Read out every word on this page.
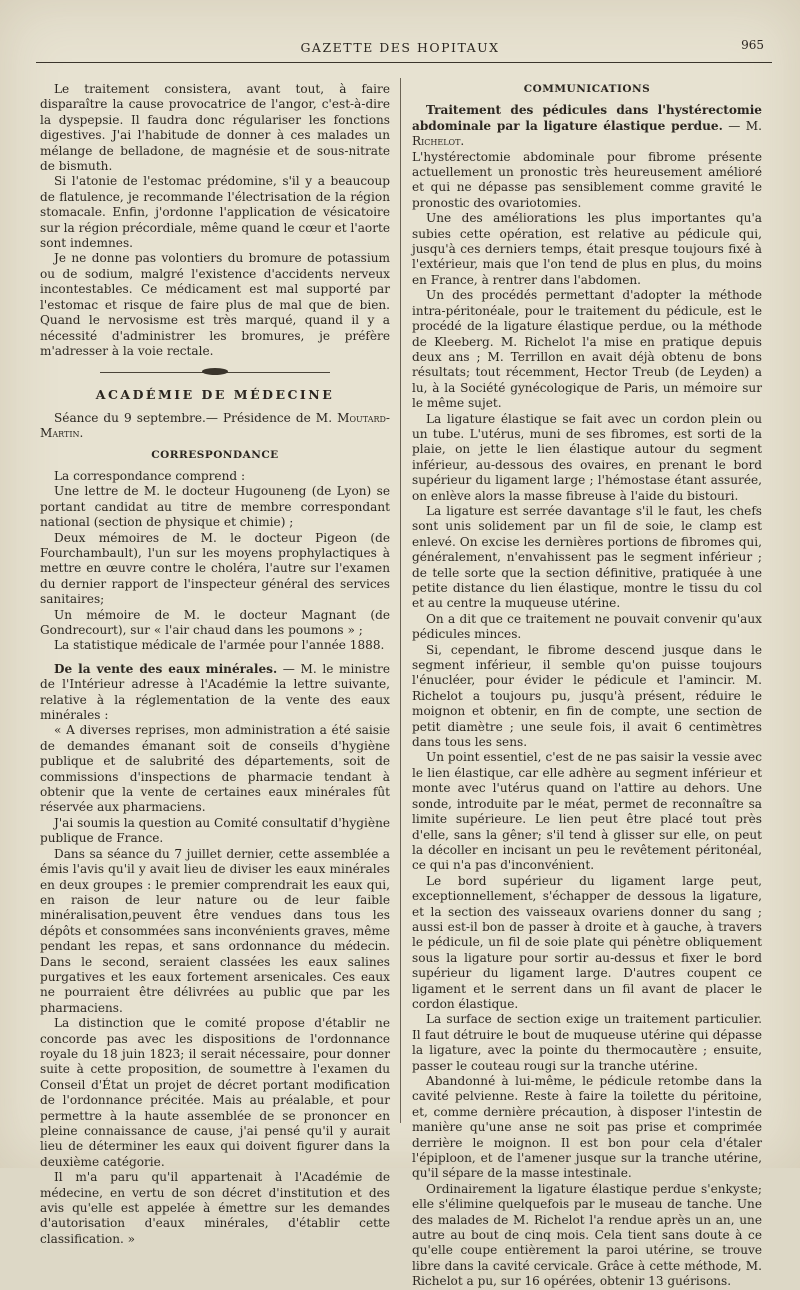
GAZETTE DES HOPITAUX	965

Le traitement consistera, avant tout, à faire disparaître la cause provocatrice de l'angor, c'est-à-dire la dyspepsie. Il faudra donc régulariser les fonctions digestives. J'ai l'habitude de donner à ces malades un mélange de belladone, de magnésie et de sous-nitrate de bismuth.

Si l'atonie de l'estomac prédomine, s'il y a beaucoup de flatulence, je recommande l'électrisation de la région stomacale. Enfin, j'ordonne l'application de vésicatoire sur la région précordiale, même quand le cœur et l'aorte sont indemnes.

Je ne donne pas volontiers du bromure de potassium ou de sodium, malgré l'existence d'accidents nerveux incontestables. Ce médicament est mal supporté par l'estomac et risque de faire plus de mal que de bien. Quand le nervosisme est très marqué, quand il y a nécessité d'administrer les bromures, je préfère m'adresser à la voie rectale.

ACADÉMIE DE MÉDECINE

Séance du 9 septembre.— Présidence de M. Moutard-Martin.

CORRESPONDANCE

La correspondance comprend :

Une lettre de M. le docteur Hugouneng (de Lyon) se portant candidat au titre de membre correspondant national (section de physique et chimie) ;

Deux mémoires de M. le docteur Pigeon (de Fourchambault), l'un sur les moyens prophylactiques à mettre en œuvre contre le choléra, l'autre sur l'examen du dernier rapport de l'inspecteur général des services sanitaires;

Un mémoire de M. le docteur Magnant (de Gondrecourt), sur « l'air chaud dans les poumons » ;

La statistique médicale de l'armée pour l'année 1888.

De la vente des eaux minérales. — M. le ministre de l'Intérieur adresse à l'Académie la lettre suivante, relative à la réglementation de la vente des eaux minérales :

« A diverses reprises, mon administration a été saisie de demandes émanant soit de conseils d'hygiène publique et de salubrité des départements, soit de commissions d'inspections de pharmacie tendant à obtenir que la vente de certaines eaux minérales fût réservée aux pharmaciens.

J'ai soumis la question au Comité consultatif d'hygiène publique de France.

Dans sa séance du 7 juillet dernier, cette assemblée a émis l'avis qu'il y avait lieu de diviser les eaux minérales en deux groupes : le premier comprendrait les eaux qui, en raison de leur nature ou de leur faible minéralisation,peuvent être vendues dans tous les dépôts et consommées sans inconvénients graves, même pendant les repas, et sans ordonnance du médecin. Dans le second, seraient classées les eaux salines purgatives et les eaux fortement arsenicales. Ces eaux ne pourraient être délivrées au public que par les pharmaciens.

La distinction que le comité propose d'établir ne concorde pas avec les dispositions de l'ordonnance royale du 18 juin 1823; il serait nécessaire, pour donner suite à cette proposition, de soumettre à l'examen du Conseil d'État un projet de décret portant modification de l'ordonnance précitée. Mais au préalable, et pour permettre à la haute assemblée de se prononcer en pleine connaissance de cause, j'ai pensé qu'il y aurait lieu de déterminer les eaux qui doivent figurer dans la deuxième catégorie.

Il m'a paru qu'il appartenait à l'Académie de médecine, en vertu de son décret d'institution et des avis qu'elle est appelée à émettre sur les demandes d'autorisation d'eaux minérales, d'établir cette classification. »

COMMUNICATIONS

Traitement des pédicules dans l'hystérectomie abdominale par la ligature élastique perdue. — M. Richelot.

L'hystérectomie abdominale pour fibrome présente actuellement un pronostic très heureusement amélioré et qui ne dépasse pas sensiblement comme gravité le pronostic des ovariotomies.

Une des améliorations les plus importantes qu'a subies cette opération, est relative au pédicule qui, jusqu'à ces derniers temps, était presque toujours fixé à l'extérieur, mais que l'on tend de plus en plus, du moins en France, à rentrer dans l'abdomen.

Un des procédés permettant d'adopter la méthode intra-péritonéale, pour le traitement du pédicule, est le procédé de la ligature élastique perdue, ou la méthode de Kleeberg. M. Richelot l'a mise en pratique depuis deux ans ; M. Terrillon en avait déjà obtenu de bons résultats; tout récemment, Hector Treub (de Leyden) a lu, à la Société gynécologique de Paris, un mémoire sur le même sujet.

La ligature élastique se fait avec un cordon plein ou un tube. L'utérus, muni de ses fibromes, est sorti de la plaie, on jette le lien élastique autour du segment inférieur, au-dessous des ovaires, en prenant le bord supérieur du ligament large ; l'hémostase étant assurée, on enlève alors la masse fibreuse à l'aide du bistouri.

La ligature est serrée davantage s'il le faut, les chefs sont unis solidement par un fil de soie, le clamp est enlevé. On excise les dernières portions de fibromes qui, généralement, n'envahissent pas le segment inférieur ; de telle sorte que la section définitive, pratiquée à une petite distance du lien élastique, montre le tissu du col et au centre la muqueuse utérine.

On a dit que ce traitement ne pouvait convenir qu'aux pédicules minces.

Si, cependant, le fibrome descend jusque dans le segment inférieur, il semble qu'on puisse toujours l'énucléer, pour évider le pédicule et l'amincir. M. Richelot a toujours pu, jusqu'à présent, réduire le moignon et obtenir, en fin de compte, une section de petit diamètre ; une seule fois, il avait 6 centimètres dans tous les sens.

Un point essentiel, c'est de ne pas saisir la vessie avec le lien élastique, car elle adhère au segment inférieur et monte avec l'utérus quand on l'attire au dehors. Une sonde, introduite par le méat, permet de reconnaître sa limite supérieure. Le lien peut être placé tout près d'elle, sans la gêner; s'il tend à glisser sur elle, on peut la décoller en incisant un peu le revêtement péritonéal, ce qui n'a pas d'inconvénient.

Le bord supérieur du ligament large peut, exceptionnellement, s'échapper de dessous la ligature, et la section des vaisseaux ovariens donner du sang ; aussi est-il bon de passer à droite et à gauche, à travers le pédicule, un fil de soie plate qui pénètre obliquement sous la ligature pour sortir au-dessus et fixer le bord supérieur du ligament large. D'autres coupent ce ligament et le serrent dans un fil avant de placer le cordon élastique.

La surface de section exige un traitement particulier. Il faut détruire le bout de muqueuse utérine qui dépasse la ligature, avec la pointe du thermocautère ; ensuite, passer le couteau rougi sur la tranche utérine.

Abandonné à lui-même, le pédicule retombe dans la cavité pelvienne. Reste à faire la toilette du péritoine, et, comme dernière précaution, à disposer l'intestin de manière qu'une anse ne soit pas prise et comprimée derrière le moignon. Il est bon pour cela d'étaler l'épiploon, et de l'amener jusque sur la tranche utérine, qu'il sépare de la masse intestinale.

Ordinairement la ligature élastique perdue s'enkyste; elle s'élimine quelquefois par le museau de tanche. Une des malades de M. Richelot l'a rendue après un an, une autre au bout de cinq mois. Cela tient sans doute à ce qu'elle coupe entièrement la paroi utérine, se trouve libre dans la cavité cervicale. Grâce à cette méthode, M. Richelot a pu, sur 16 opérées, obtenir 13 guérisons.
